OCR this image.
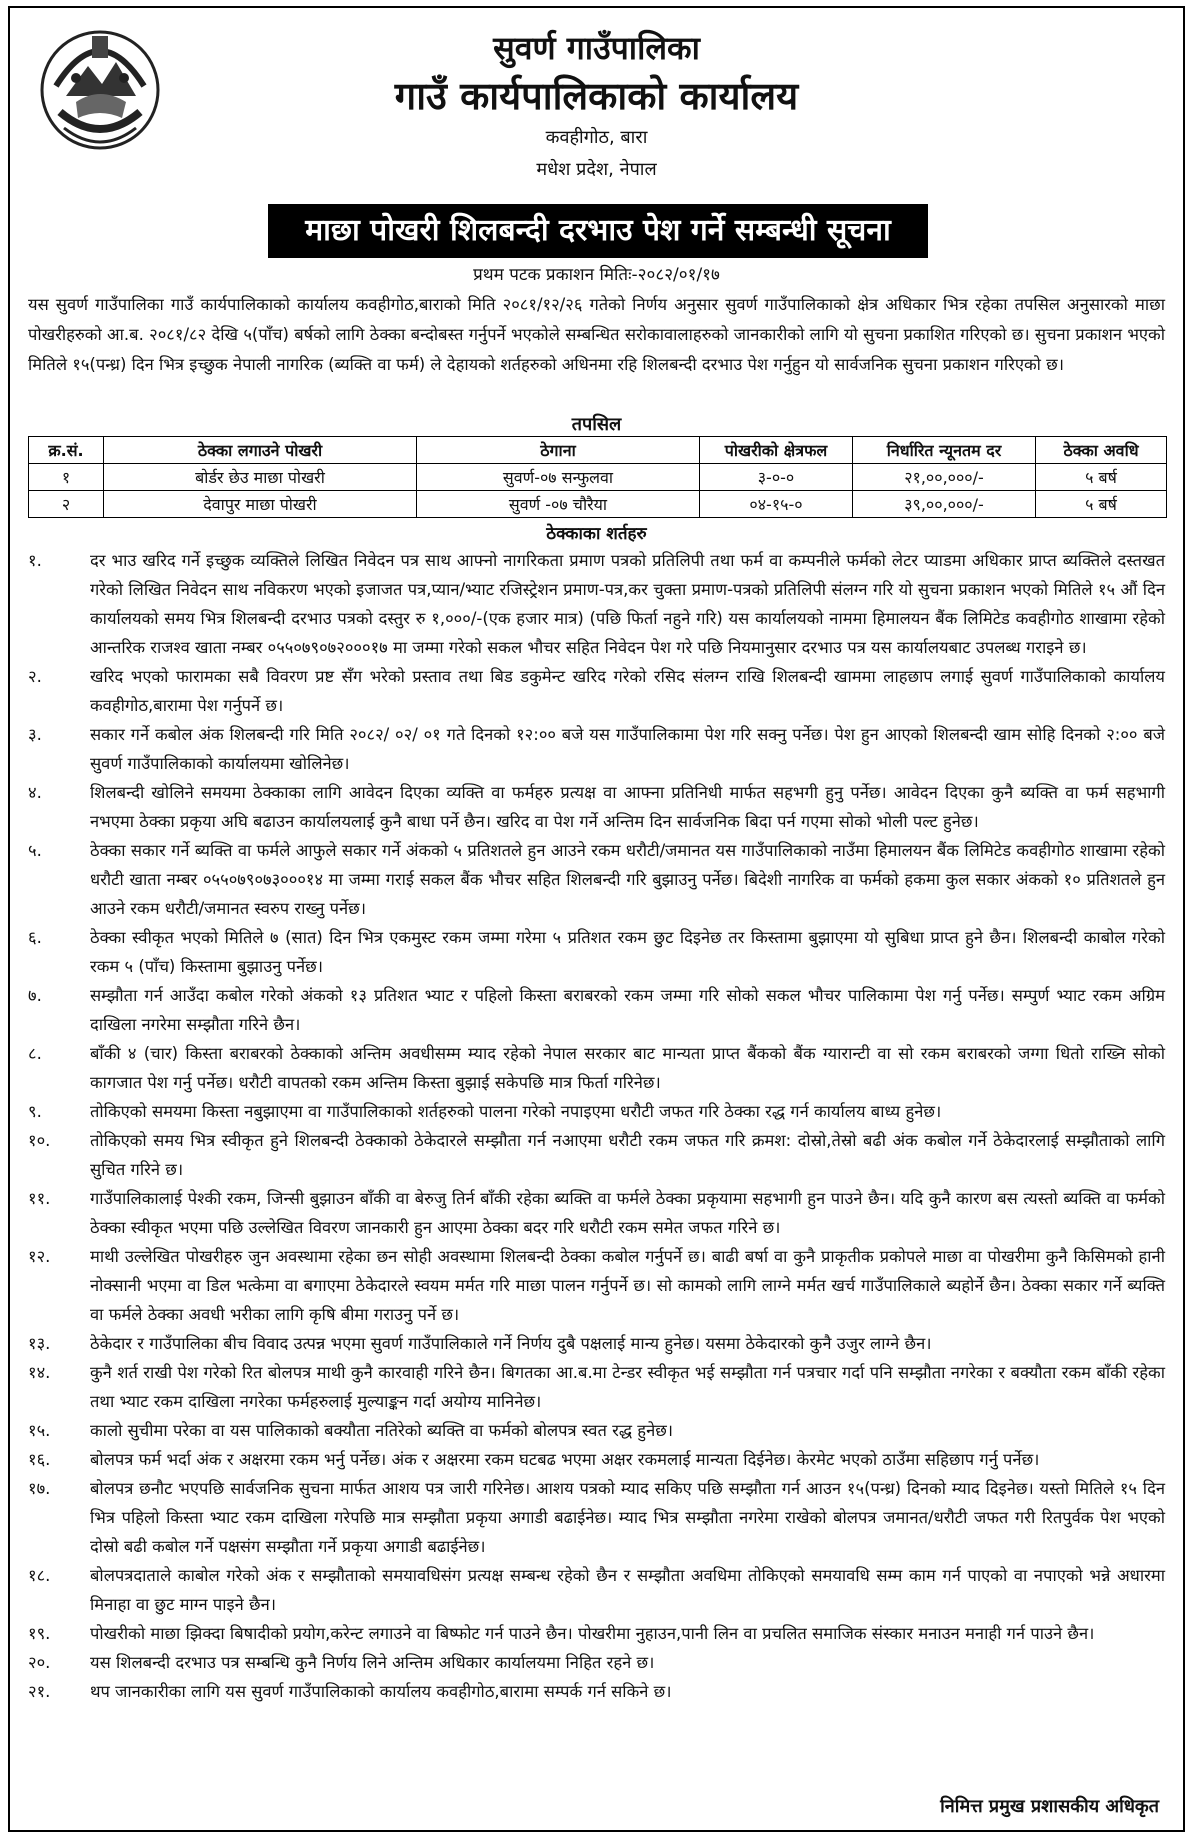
सुवर्ण गाउँपालिका
गाउँ कार्यपालिकाको कार्यालय
कवहीगोठ, बारा
मधेश प्रदेश, नेपाल
माछा पोखरी शिलबन्दी दरभाउ पेश गर्ने सम्बन्धी सूचना
प्रथम पटक प्रकाशन मितिः-२०८२/०१/१७
यस सुवर्ण गाउँपालिका गाउँ कार्यपालिकाको कार्यालय कवहीगोठ,बाराको मिति २०८१/१२/२६ गतेको निर्णय अनुसार सुवर्ण गाउँपालिकाको क्षेत्र अधिकार भित्र रहेका तपसिल अनुसारको माछा पोखरीहरुको आ.ब. २०८१/८२ देखि ५(पाँच) बर्षको लागि ठेक्का बन्दोबस्त गर्नुपर्ने भएकोले सम्बन्धित सरोकावालाहरुको जानकारीको लागि यो सुचना प्रकाशित गरिएको छ। सुचना प्रकाशन भएको मितिले १५(पन्ध्र) दिन भित्र इच्छुक नेपाली नागरिक (ब्यक्ति वा फर्म) ले देहायको शर्तहरुको अधिनमा रहि शिलबन्दी दरभाउ पेश गर्नुहुन यो सार्वजनिक सुचना प्रकाशन गरिएको छ।
तपसिल
क्र.सं.	ठेक्का लगाउने पोखरी	ठेगाना	पोखरीको क्षेत्रफल	निर्धारित न्यूनतम दर	ठेक्का अवधि
१	बोर्डर छेउ माछा पोखरी	सुवर्ण-०७ सन्फुलवा	३-०-०	२१,००,०००/-	५ बर्ष
२	देवापुर माछा पोखरी	सुवर्ण -०७ चौरैया	०४-१५-०	३९,००,०००/-	५ बर्ष
ठेक्काका शर्तहरु
१.	दर भाउ खरिद गर्ने इच्छुक व्यक्तिले लिखित निवेदन पत्र साथ आफ्नो नागरिकता प्रमाण पत्रको प्रतिलिपी तथा फर्म वा कम्पनीले फर्मको लेटर प्याडमा अधिकार प्राप्त ब्यक्तिले दस्तखत गरेको लिखित निवेदन साथ नविकरण भएको इजाजत पत्र,प्यान/भ्याट रजिस्ट्रेशन प्रमाण-पत्र,कर चुक्ता प्रमाण-पत्रको प्रतिलिपी संलग्न गरि यो सुचना प्रकाशन भएको मितिले १५ औं दिन कार्यालयको समय भित्र शिलबन्दी दरभाउ पत्रको दस्तुर रु १,०००/-(एक हजार मात्र) (पछि फिर्ता नहुने गरि) यस कार्यालयको नाममा हिमालयन बैंक लिमिटेड कवहीगोठ शाखामा रहेको आन्तरिक राजश्व खाता नम्बर ०५५०७९०७२०००१७ मा जम्मा गरेको सकल भौचर सहित निवेदन पेश गरे पछि नियमानुसार दरभाउ पत्र यस कार्यालयबाट उपलब्ध गराइने छ।
२.	खरिद भएको फारामका सबै विवरण प्रष्ट सँग भरेको प्रस्ताव तथा बिड डकुमेन्ट खरिद गरेको रसिद संलग्न राखि शिलबन्दी खाममा लाहछाप लगाई सुवर्ण गाउँपालिकाको कार्यालय कवहीगोठ,बारामा पेश गर्नुपर्ने छ।
३.	सकार गर्ने कबोल अंक शिलबन्दी गरि मिति २०८२/ ०२/ ०१ गते दिनको १२:०० बजे यस गाउँपालिकामा पेश गरि सक्नु पर्नेछ। पेश हुन आएको शिलबन्दी खाम सोहि दिनको २:०० बजे सुवर्ण गाउँपालिकाको कार्यालयमा खोलिनेछ।
४.	शिलबन्दी खोलिने समयमा ठेक्काका लागि आवेदन दिएका व्यक्ति वा फर्महरु प्रत्यक्ष वा आफ्ना प्रतिनिधी मार्फत सहभगी हुनु पर्नेछ। आवेदन दिएका कुनै ब्यक्ति वा फर्म सहभागी नभएमा ठेक्का प्रकृया अघि बढाउन कार्यालयलाई कुनै बाधा पर्ने छैन। खरिद वा पेश गर्ने अन्तिम दिन सार्वजनिक बिदा पर्न गएमा सोको भोली पल्ट हुनेछ।
५.	ठेक्का सकार गर्ने ब्यक्ति वा फर्मले आफुले सकार गर्ने अंकको ५ प्रतिशतले हुन आउने रकम धरौटी/जमानत यस गाउँपालिकाको नाउँमा हिमालयन बैंक लिमिटेड कवहीगोठ शाखामा रहेको धरौटी खाता नम्बर ०५५०७९०७३०००१४ मा जम्मा गराई सकल बैंक भौचर सहित शिलबन्दी गरि बुझाउनु पर्नेछ। बिदेशी नागरिक वा फर्मको हकमा कुल सकार अंकको १० प्रतिशतले हुन आउने रकम धरौटी/जमानत स्वरुप राख्नु पर्नेछ।
६.	ठेक्का स्वीकृत भएको मितिले ७ (सात) दिन भित्र एकमुस्ट रकम जम्मा गरेमा ५ प्रतिशत रकम छुट दिइनेछ तर किस्तामा बुझाएमा यो सुबिधा प्राप्त हुने छैन। शिलबन्दी काबोल गरेको रकम ५ (पाँच) किस्तामा बुझाउनु पर्नेछ।
७.	सम्झौता गर्न आउँदा कबोल गरेको अंकको १३ प्रतिशत भ्याट र पहिलो किस्ता बराबरको रकम जम्मा गरि सोको सकल भौचर पालिकामा पेश गर्नु पर्नेछ। सम्पुर्ण भ्याट रकम अग्रिम दाखिला नगरेमा सम्झौता गरिने छैन।
८.	बाँकी ४ (चार) किस्ता बराबरको ठेक्काको अन्तिम अवधीसम्म म्याद रहेको नेपाल सरकार बाट मान्यता प्राप्त बैंकको बैंक ग्यारान्टी वा सो रकम बराबरको जग्गा धितो राख्नि सोको कागजात पेश गर्नु पर्नेछ। धरौटी वापतको रकम अन्तिम किस्ता बुझाई सकेपछि मात्र फिर्ता गरिनेछ।
९.	तोकिएको समयमा किस्ता नबुझाएमा वा गाउँपालिकाको शर्तहरुको पालना गरेको नपाइएमा धरौटी जफत गरि ठेक्का रद्ध गर्न कार्यालय बाध्य हुनेछ।
१०.	तोकिएको समय भित्र स्वीकृत हुने शिलबन्दी ठेक्काको ठेकेदारले सम्झौता गर्न नआएमा धरौटी रकम जफत गरि क्रमश: दोस्रो,तेस्रो बढी अंक कबोल गर्ने ठेकेदारलाई सम्झौताको लागि सुचित गरिने छ।
११.	गाउँपालिकालाई पेश्की रकम, जिन्सी बुझाउन बाँकी वा बेरुजु तिर्न बाँकी रहेका ब्यक्ति वा फर्मले ठेक्का प्रकृयामा सहभागी हुन पाउने छैन। यदि कुनै कारण बस त्यस्तो ब्यक्ति वा फर्मको ठेक्का स्वीकृत भएमा पछि उल्लेखित विवरण जानकारी हुन आएमा ठेक्का बदर गरि धरौटी रकम समेत जफत गरिने छ।
१२.	माथी उल्लेखित पोखरीहरु जुन अवस्थामा रहेका छन सोही अवस्थामा शिलबन्दी ठेक्का कबोल गर्नुपर्ने छ। बाढी बर्षा वा कुनै प्राकृतीक प्रकोपले माछा वा पोखरीमा कुनै किसिमको हानी नोक्सानी भएमा वा डिल भत्केमा वा बगाएमा ठेकेदारले स्वयम मर्मत गरि माछा पालन गर्नुपर्ने छ। सो कामको लागि लाग्ने मर्मत खर्च गाउँपालिकाले ब्यहोर्ने छैन। ठेक्का सकार गर्ने ब्यक्ति वा फर्मले ठेक्का अवधी भरीका लागि कृषि बीमा गराउनु पर्ने छ।
१३.	ठेकेदार र गाउँपालिका बीच विवाद उत्पन्न भएमा सुवर्ण गाउँपालिकाले गर्ने निर्णय दुबै पक्षलाई मान्य हुनेछ। यसमा ठेकेदारको कुनै उजुर लाग्ने छैन।
१४.	कुनै शर्त राखी पेश गरेको रित बोलपत्र माथी कुनै कारवाही गरिने छैन। बिगतका आ.ब.मा टेन्डर स्वीकृत भई सम्झौता गर्न पत्रचार गर्दा पनि सम्झौता नगरेका र बक्यौता रकम बाँकी रहेका तथा भ्याट रकम दाखिला नगरेका फर्महरुलाई मुल्याङ्कन गर्दा अयोग्य मानिनेछ।
१५.	कालो सुचीमा परेका वा यस पालिकाको बक्यौता नतिरेको ब्यक्ति वा फर्मको बोलपत्र स्वत रद्ध हुनेछ।
१६.	बोलपत्र फर्म भर्दा अंक र अक्षरमा रकम भर्नु पर्नेछ। अंक र अक्षरमा रकम घटबढ भएमा अक्षर रकमलाई मान्यता दिईनेछ। केरमेट भएको ठाउँमा सहिछाप गर्नु पर्नेछ।
१७.	बोलपत्र छनौट भएपछि सार्वजनिक सुचना मार्फत आशय पत्र जारी गरिनेछ। आशय पत्रको म्याद सकिए पछि सम्झौता गर्न आउन १५(पन्ध्र) दिनको म्याद दिइनेछ। यस्तो मितिले १५ दिन भित्र पहिलो किस्ता भ्याट रकम दाखिला गरेपछि मात्र सम्झौता प्रकृया अगाडी बढाईनेछ। म्याद भित्र सम्झौता नगरेमा राखेको बोलपत्र जमानत/धरौटी जफत गरी रितपुर्वक पेश भएको दोस्रो बढी कबोल गर्ने पक्षसंग सम्झौता गर्ने प्रकृया अगाडी बढाईनेछ।
१८.	बोलपत्रदाताले काबोल गरेको अंक र सम्झौताको समयावधिसंग प्रत्यक्ष सम्बन्ध रहेको छैन र सम्झौता अवधिमा तोकिएको समयावधि सम्म काम गर्न पाएको वा नपाएको भन्ने अधारमा मिनाहा वा छुट माग्न पाइने छैन।
१९.	पोखरीको माछा झिक्दा बिषादीको प्रयोग,करेन्ट लगाउने वा बिष्फोट गर्न पाउने छैन। पोखरीमा नुहाउन,पानी लिन वा प्रचलित समाजिक संस्कार मनाउन मनाही गर्न पाउने छैन।
२०.	यस शिलबन्दी दरभाउ पत्र सम्बन्धि कुनै निर्णय लिने अन्तिम अधिकार कार्यालयमा निहित रहने छ।
२१.	थप जानकारीका लागि यस सुवर्ण गाउँपालिकाको कार्यालय कवहीगोठ,बारामा सम्पर्क गर्न सकिने छ।
निमित्त प्रमुख प्रशासकीय अधिकृत
